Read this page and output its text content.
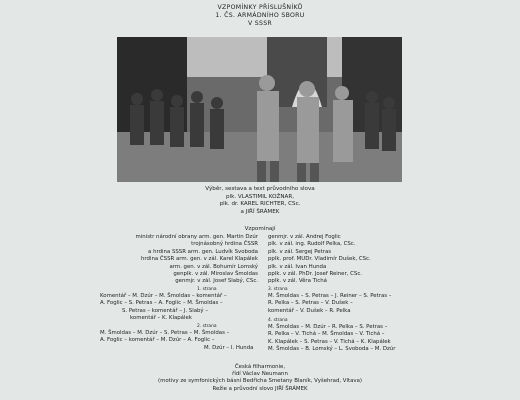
VZPOMÍNKY PŘÍSLUŠNÍKŮ
1. ČS. ARMÁDNÍHO SBORU
V SSSR
Výběr, sestava a text průvodního slova
plk. VLASTIMIL KOŽNAR,
plk. dr. KAREL RICHTER, CSc.
a JIŘÍ ŠRÁMEK
Vzpomínají
ministr národní obrany arm. gen. Martin Dzúr
trojnásobný hrdina ČSSR
a hrdina SSSR arm. gen. Ludvík Svoboda
hrdina ČSSR arm. gen. v zál. Karel Klapálek
arm. gen. v zál. Bohumír Lomský
genplk. v zál. Miroslav Šmoldas
genmjr. v zál. Josef Slabý, CSc.
genmjr. v zál. Andrej Foglic
plk. v zál. ing. Rudolf Pelka, CSc.
plk. v zál. Sergej Petras
pplk. prof. MUDr. Vladimír Dušek, CSc.
plk. v zál. Ivan Hunda
pplk. v zál. PhDr. Josef Reiner, CSc.
pplk. v zál. Věra Tichá
1. strana
Komentář – M. Dzúr – M. Šmoldas – komentář –
A. Foglic – S. Petras – A. Foglic – M. Šmoldas –
S. Petras – komentář – J. Slabý –
komentář – K. Klapálek
2. strana
M. Šmoldas – M. Dzúr – S. Petras – M. Šmoldas –
A. Foglic – komentář – M. Dzúr – A. Foglic –
M. Dzúr – I. Hunda
3. strana
M. Šmoldas – S. Petras – J. Reiner – S. Petras –
R. Pelka – S. Petras – V. Dušek –
komentář – V. Dušek – R. Pelka
4. strana
M. Šmoldas – M. Dzúr – R. Pelka – S. Petras –
R. Pelka – V. Tichá – M. Šmoldas – V. Tichá –
K. Klapálek – S. Petras – V. Tichá – K. Klapálek
M. Šmoldas – B. Lomský – L. Svoboda – M. Dzúr
Česká filharmonie,
řídí Václav Neumann
(motivy ze symfonických básní Bedřicha Smetany Blaník, Vyšehrad, Vltava)
Režie a průvodní slovo JIŘÍ ŠRÁMEK
